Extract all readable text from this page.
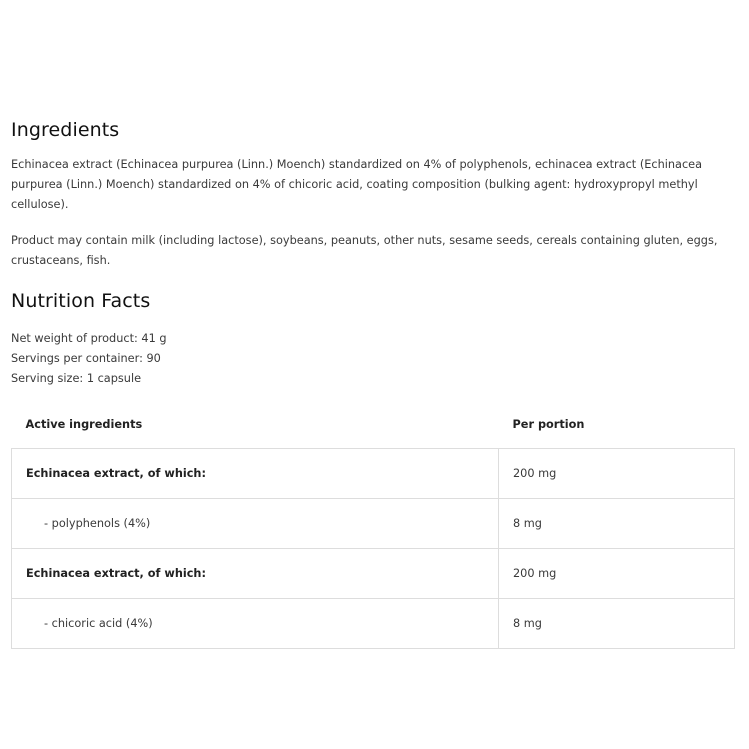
Ingredients

Echinacea extract (Echinacea purpurea (Linn.) Moench) standardized on 4% of polyphenols, echinacea extract (Echinacea purpurea (Linn.) Moench) standardized on 4% of chicoric acid, coating composition (bulking agent: hydroxypropyl methyl cellulose).

Product may contain milk (including lactose), soybeans, peanuts, other nuts, sesame seeds, cereals containing gluten, eggs, crustaceans, fish.

Nutrition Facts

Net weight of product: 41 g

Servings per container: 90

Serving size: 1 capsule

Active ingredients	Per portion
Echinacea extract, of which:	200 mg
- polyphenols (4%)	8 mg
Echinacea extract, of which:	200 mg
- chicoric acid (4%)	8 mg
